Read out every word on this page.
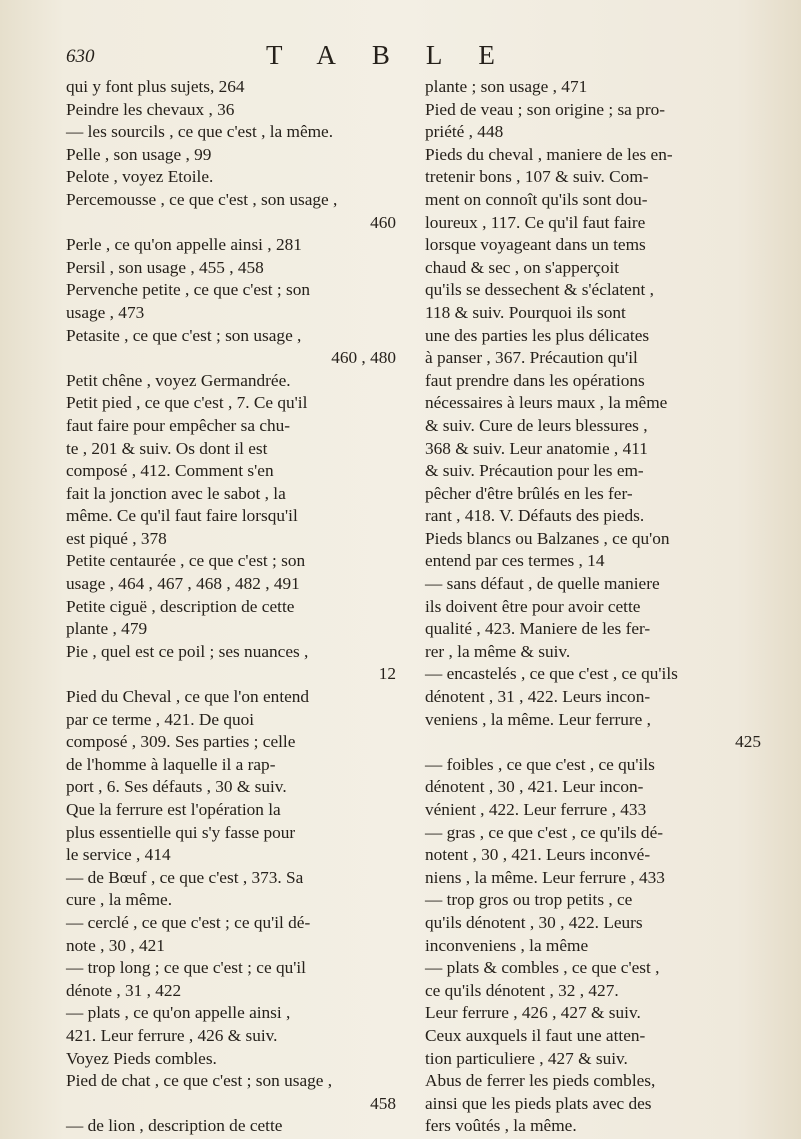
630	TABLE
qui y font plus sujets, 264
Peindre les chevaux , 36
— les sourcils , ce que c'est , la même.
Pelle , son usage , 99
Pelote , voyez Etoile.
Percemousse , ce que c'est , son usage ,
460
Perle , ce qu'on appelle ainsi , 281
Persil , son usage , 455 , 458
Pervenche petite , ce que c'est ; son
usage , 473
Petasite , ce que c'est ; son usage ,
460 , 480
Petit chêne , voyez Germandrée.
Petit pied , ce que c'est , 7. Ce qu'il
faut faire pour empêcher sa chu-
te , 201 & suiv. Os dont il est
composé , 412. Comment s'en
fait la jonction avec le sabot , la
même. Ce qu'il faut faire lorsqu'il
est piqué , 378
Petite centaurée , ce que c'est ; son
usage , 464 , 467 , 468 , 482 , 491
Petite ciguë , description de cette
plante , 479
Pie , quel est ce poil ; ses nuances ,
12
Pied du Cheval , ce que l'on entend
par ce terme , 421. De quoi
composé , 309. Ses parties ; celle
de l'homme à laquelle il a rap-
port , 6. Ses défauts , 30 & suiv.
Que la ferrure est l'opération la
plus essentielle qui s'y fasse pour
le service , 414
— de Bœuf , ce que c'est , 373. Sa
cure , la même.
— cerclé , ce que c'est ; ce qu'il dé-
note , 30 , 421
— trop long ; ce que c'est ; ce qu'il
dénote , 31 , 422
— plats , ce qu'on appelle ainsi ,
421. Leur ferrure , 426 & suiv.
Voyez Pieds combles.
Pied de chat , ce que c'est ; son usage ,
458
— de lion , description de cette
plante ; son usage , 471
Pied de veau ; son origine ; sa pro-
priété , 448
Pieds du cheval , maniere de les en-
tretenir bons , 107 & suiv. Com-
ment on connoît qu'ils sont dou-
loureux , 117. Ce qu'il faut faire
lorsque voyageant dans un tems
chaud & sec , on s'apperçoit
qu'ils se dessechent & s'éclatent ,
118 & suiv. Pourquoi ils sont
une des parties les plus délicates
à panser , 367. Précaution qu'il
faut prendre dans les opérations
nécessaires à leurs maux , la même
& suiv. Cure de leurs blessures ,
368 & suiv. Leur anatomie , 411
& suiv. Précaution pour les em-
pêcher d'être brûlés en les fer-
rant , 418. V. Défauts des pieds.
Pieds blancs ou Balzanes , ce qu'on
entend par ces termes , 14
— sans défaut , de quelle maniere
ils doivent être pour avoir cette
qualité , 423. Maniere de les fer-
rer , la même & suiv.
— encastelés , ce que c'est , ce qu'ils
dénotent , 31 , 422. Leurs incon-
veniens , la même. Leur ferrure ,
425
— foibles , ce que c'est , ce qu'ils
dénotent , 30 , 421. Leur incon-
vénient , 422. Leur ferrure , 433
— gras , ce que c'est , ce qu'ils dé-
notent , 30 , 421. Leurs inconvé-
niens , la même. Leur ferrure , 433
— trop gros ou trop petits , ce
qu'ils dénotent , 30 , 422. Leurs
inconveniens , la même
— plats & combles , ce que c'est ,
ce qu'ils dénotent , 32 , 427.
Leur ferrure , 426 , 427 & suiv.
Ceux auxquels il faut une atten-
tion particuliere , 427 & suiv.
Abus de ferrer les pieds combles,
ainsi que les pieds plats avec des
fers voûtés , la même.
